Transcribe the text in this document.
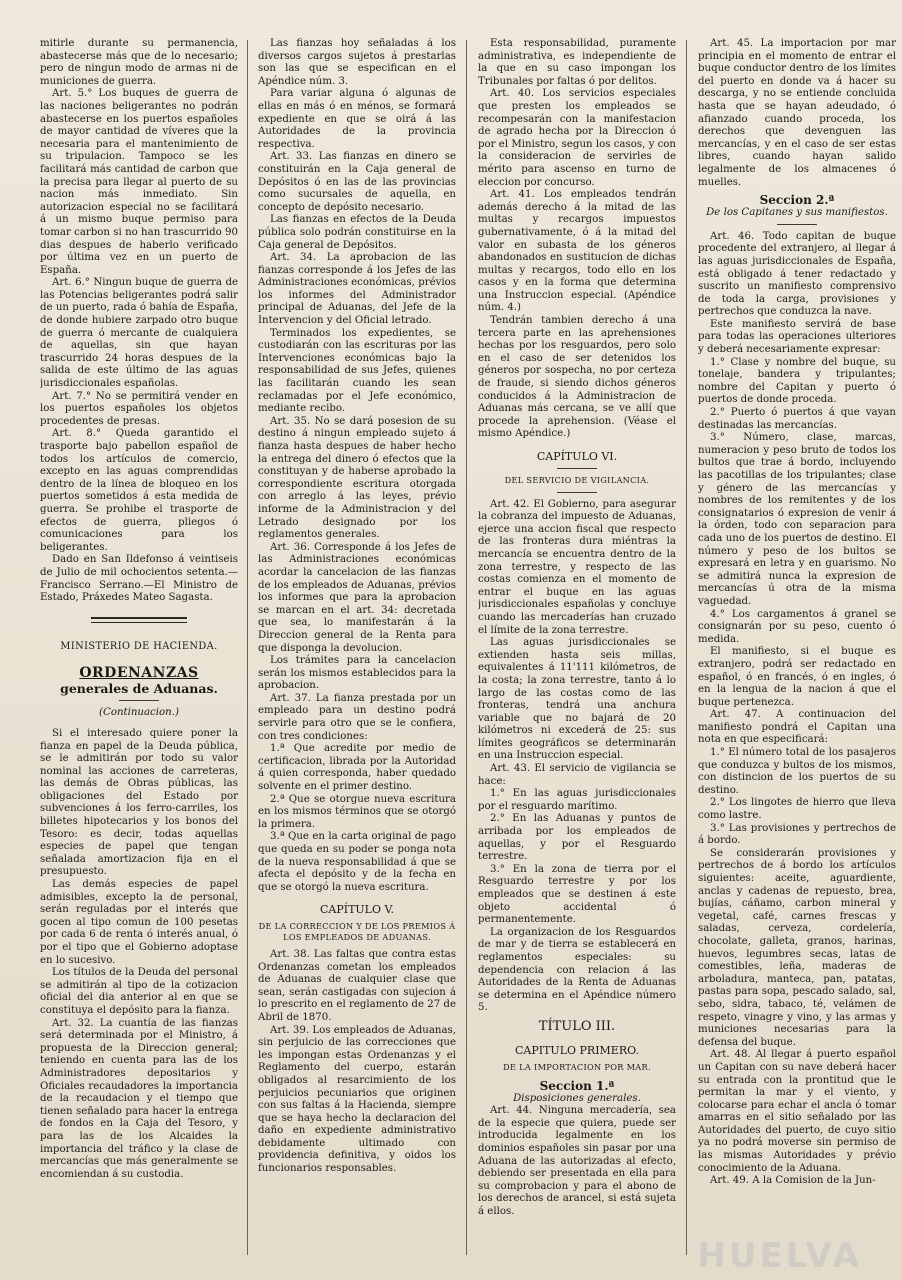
mitirle durante su permanencia, abastecerse más que de lo necesario; pero de ningun modo de armas ni de municiones de guerra.

Art. 5.° Los buques de guerra de las naciones beligerantes no podrán abastecerse en los puertos españoles de mayor cantidad de víveres que la necesaria para el mantenimiento de su tripulacion. Tampoco se les facilitará más cantidad de carbon que la precisa para llegar al puerto de su nacion más inmediato. Sin autorizacion especial no se facilitará á un mismo buque permiso para tomar carbon si no han trascurrido 90 dias despues de haberlo verificado por última vez en un puerto de España.

Art. 6.° Ningun buque de guerra de las Potencias beligerantes podrá salir de un puerto, rada ó bahía de España, de donde hubiere zarpado otro buque de guerra ó mercante de cualquiera de aquellas, sin que hayan trascurrido 24 horas despues de la salida de este último de las aguas jurisdiccionales españolas.

Art. 7.° No se permitirá vender en los puertos españoles los objetos procedentes de presas.

Art. 8.° Queda garantido el trasporte bajo pabellon español de todos los artículos de comercio, excepto en las aguas comprendidas dentro de la línea de bloqueo en los puertos sometidos á esta medida de guerra. Se prohibe el trasporte de efectos de guerra, pliegos ó comunicaciones para los beligerantes.

Dado en San Ildefonso á veintiseis de Julio de mil ochocientos setenta.—Francisco Serrano.—El Ministro de Estado, Práxedes Mateo Sagasta.

MINISTERIO DE HACIENDA.

ORDENANZAS

generales de Aduanas.

(Continuacion.)

Si el interesado quiere poner la fianza en papel de la Deuda pública, se le admitirán por todo su valor nominal las acciones de carreteras, las demás de Obras públicas, las obligaciones del Estado por subvenciones á los ferro-carriles, los billetes hipotecarios y los bonos del Tesoro: es decir, todas aquellas especies de papel que tengan señalada amortizacion fija en el presupuesto.

Las demás especies de papel admisibles, excepto la de personal, serán reguladas por el interés que gocen al tipo comun de 100 pesetas por cada 6 de renta ó interés anual, ó por el tipo que el Gobierno adoptase en lo sucesivo.

Los títulos de la Deuda del personal se admitirán al tipo de la cotizacion oficial del dia anterior al en que se constituya el depósito para la fianza.

Art. 32. La cuantía de las fianzas será determinada por el Ministro, á propuesta de la Direccion general; teniendo en cuenta para las de los Administradores depositarios y Oficiales recaudadores la importancia de la recaudacion y el tiempo que tienen señalado para hacer la entrega de fondos en la Caja del Tesoro, y para las de los Alcaides la importancia del tráfico y la clase de mercancías que más generalmente se encomiendan á su custodia.

Las fianzas hoy señaladas á los diversos cargos sujetos á prestarlas son las que se especifican en el Apéndice núm. 3.

Para variar alguna ó algunas de ellas en más ó en ménos, se formará expediente en que se oirá á las Autoridades de la provincia respectiva.

Art. 33. Las fianzas en dinero se constituirán en la Caja general de Depósitos ó en las de las provincias como sucursales de aquella, en concepto de depósito necesario.

Las fianzas en efectos de la Deuda pública solo podrán constituirse en la Caja general de Depósitos.

Art. 34. La aprobacion de las fianzas corresponde á los Jefes de las Administraciones económicas, prévios los informes del Administrador principal de Aduanas, del Jefe de la Intervencion y del Oficial letrado.

Terminados los expedientes, se custodiarán con las escrituras por las Intervenciones económicas bajo la responsabilidad de sus Jefes, quienes las facilitarán cuando les sean reclamadas por el Jefe económico, mediante recibo.

Art. 35. No se dará posesion de su destino á ningun empleado sujeto á fianza hasta despues de haber hecho la entrega del dinero ó efectos que la constituyan y de haberse aprobado la correspondiente escritura otorgada con arreglo á las leyes, prévio informe de la Administracion y del Letrado designado por los reglamentos generales.

Art. 36. Corresponde á los Jefes de las Administraciones económicas acordar la cancelacion de las fianzas de los empleados de Aduanas, prévios los informes que para la aprobacion se marcan en el art. 34: decretada que sea, lo manifestarán á la Direccion general de la Renta para que disponga la devolucion.

Los trámites para la cancelacion serán los mismos establecidos para la aprobacion.

Art. 37. La fianza prestada por un empleado para un destino podrá servirle para otro que se le confiera, con tres condiciones:

1.ª Que acredite por medio de certificacion, librada por la Autoridad á quien corresponda, haber quedado solvente en el primer destino.

2.ª Que se otorgue nueva escritura en los mismos términos que se otorgó la primera.

3.ª Que en la carta original de pago que queda en su poder se ponga nota de la nueva responsabilidad á que se afecta el depósito y de la fecha en que se otorgó la nueva escritura.

CAPÍTULO V.

DE LA CORRECCION Y DE LOS PREMIOS Á LOS EMPLEADOS DE ADUANAS.

Art. 38. Las faltas que contra estas Ordenanzas cometan los empleados de Aduanas de cualquier clase que sean, serán castigadas con sujecion á lo prescrito en el reglamento de 27 de Abril de 1870.

Art. 39. Los empleados de Aduanas, sin perjuicio de las correcciones que les impongan estas Ordenanzas y el Reglamento del cuerpo, estarán obligados al resarcimiento de los perjuicios pecuniarios que originen con sus faltas á la Hacienda, siempre que se haya hecho la declaracion del daño en expediente administrativo debidamente ultimado con providencia definitiva, y oidos los funcionarios responsables.

Esta responsabilidad, puramente administrativa, es independiente de la que en su caso impongan los Tribunales por faltas ó por delitos.

Art. 40. Los servicios especiales que presten los empleados se recompesarán con la manifestacion de agrado hecha por la Direccion ó por el Ministro, segun los casos, y con la consideracion de servirles de mérito para ascenso en turno de eleccion por concurso.

Art. 41. Los empleados tendrán además derecho á la mitad de las multas y recargos impuestos gubernativamente, ó á la mitad del valor en subasta de los géneros abandonados en sustitucion de dichas multas y recargos, todo ello en los casos y en la forma que determina una Instruccion especial. (Apéndice núm. 4.)

Tendrán tambien derecho á una tercera parte en las aprehensiones hechas por los resguardos, pero solo en el caso de ser detenidos los géneros por sospecha, no por certeza de fraude, si siendo dichos géneros conducidos á la Administracion de Aduanas más cercana, se ve allí que procede la aprehension. (Véase el mismo Apéndice.)

CAPÍTULO VI.

DEL SERVICIO DE VIGILANCIA.

Art. 42. El Gobierno, para asegurar la cobranza del impuesto de Aduanas, ejerce una accion fiscal que respecto de las fronteras dura miéntras la mercancía se encuentra dentro de la zona terrestre, y respecto de las costas comienza en el momento de entrar el buque en las aguas jurisdiccionales españolas y concluye cuando las mercaderías han cruzado el límite de la zona terrestre.

Las aguas jurisdiccionales se extienden hasta seis millas, equivalentes á 11'111 kilómetros, de la costa; la zona terrestre, tanto á lo largo de las costas como de las fronteras, tendrá una anchura variable que no bajará de 20 kilómetros ni excederá de 25: sus límites geográficos se determinarán en una Instruccion especial.

Art. 43. El servicio de vigilancia se hace:

1.° En las aguas jurisdiccionales por el resguardo marítimo.

2.° En las Aduanas y puntos de arribada por los empleados de aquellas, y por el Resguardo terrestre.

3.° En la zona de tierra por el Resguardo terrestre y por los empleados que se destinen á este objeto accidental ó permanentemente.

La organizacion de los Resguardos de mar y de tierra se establecerá en reglamentos especiales: su dependencia con relacion á las Autoridades de la Renta de Aduanas se determina en el Apéndice número 5.

TÍTULO III.

CAPITULO PRIMERO.

DE LA IMPORTACION POR MAR.

Seccion 1.ª

Disposiciones generales.

Art. 44. Ninguna mercadería, sea de la especie que quiera, puede ser introducida legalmente en los dominios españoles sin pasar por una Aduana de las autorizadas al efecto, debiendo ser presentada en ella para su comprobacion y para el abono de los derechos de arancel, si está sujeta á ellos.

Art. 45. La importacion por mar principia en el momento de entrar el buque conductor dentro de los límites del puerto en donde va á hacer su descarga, y no se entiende concluida hasta que se hayan adeudado, ó afianzado cuando proceda, los derechos que devenguen las mercancías, y en el caso de ser estas libres, cuando hayan salido legalmente de los almacenes ó muelles.

Seccion 2.ª

De los Capitanes y sus manifiestos.

Art. 46. Todo capitan de buque procedente del extranjero, al llegar á las aguas jurisdiccionales de España, está obligado á tener redactado y suscrito un manifiesto comprensivo de toda la carga, provisiones y pertrechos que conduzca la nave.

Este manifiesto servirá de base para todas las operaciones ulteriores y deberá necesariamente expresar:

1.° Clase y nombre del buque, su tonelaje, bandera y tripulantes; nombre del Capitan y puerto ó puertos de donde proceda.

2.° Puerto ó puertos á que vayan destinadas las mercancías.

3.° Número, clase, marcas, numeracion y peso bruto de todos los bultos que trae á bordo, incluyendo las pacotillas de los tripulantes; clase y género de las mercancías y nombres de los remitentes y de los consignatarios ó expresion de venir á la órden, todo con separacion para cada uno de los puertos de destino. El número y peso de los bultos se expresará en letra y en guarismo. No se admitirá nunca la expresion de mercancías ú otra de la misma vaguedad.

4.° Los cargamentos á granel se consignarán por su peso, cuento ó medida.

El manifiesto, si el buque es extranjero, podrá ser redactado en español, ó en francés, ó en ingles, ó en la lengua de la nacion á que el buque pertenezca.

Art. 47. A continuacion del manifiesto pondrá el Capitan una nota en que especificará:

1.° El número total de los pasajeros que conduzca y bultos de los mismos, con distincion de los puertos de su destino.

2.° Los lingotes de hierro que lleva como lastre.

3.° Las provisiones y pertrechos de á bordo.

Se considerarán provisiones y pertrechos de á bordo los artículos siguientes: aceite, aguardiente, anclas y cadenas de repuesto, brea, bujías, cáñamo, carbon mineral y vegetal, café, carnes frescas y saladas, cerveza, cordelería, chocolate, galleta, granos, harinas, huevos, legumbres secas, latas de comestibles, leña, maderas de arboladura, manteca, pan, patatas, pastas para sopa, pescado salado, sal, sebo, sidra, tabaco, té, velámen de respeto, vinagre y vino, y las armas y municiones necesarias para la defensa del buque.

Art. 48. Al llegar á puerto español un Capitan con su nave deberá hacer su entrada con la prontitud que le permitan la mar y el viento, y colocarse para echar el ancla ó tomar amarras en el sitio señalado por las Autoridades del puerto, de cuyo sitio ya no podrá moverse sin permiso de las mismas Autoridades y prévio conocimiento de la Aduana.

Art. 49. A la Comision de la Jun-

HUELVA
